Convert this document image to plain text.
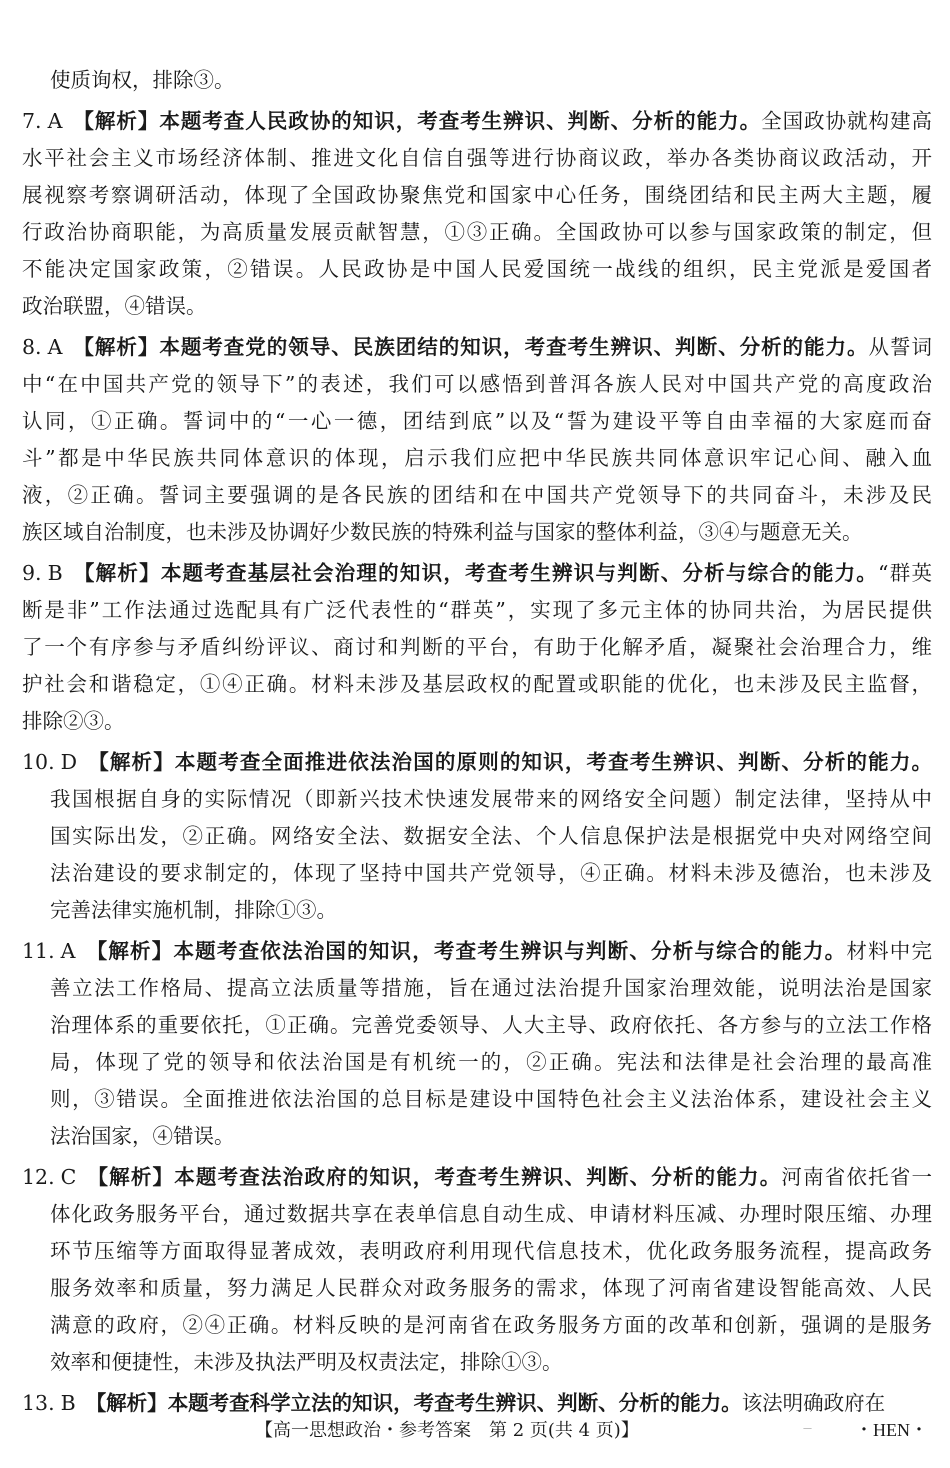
使质询权，排除③。
7. A 【解析】本题考查人民政协的知识，考查考生辨识、判断、分析的能力。全国政协就构建高
水平社会主义市场经济体制、推进文化自信自强等进行协商议政，举办各类协商议政活动，开
展视察考察调研活动，体现了全国政协聚焦党和国家中心任务，围绕团结和民主两大主题，履
行政治协商职能，为高质量发展贡献智慧，①③正确。全国政协可以参与国家政策的制定，但
不能决定国家政策，②错误。人民政协是中国人民爱国统一战线的组织，民主党派是爱国者
政治联盟，④错误。
8. A 【解析】本题考查党的领导、民族团结的知识，考查考生辨识、判断、分析的能力。从誓词
中“在中国共产党的领导下”的表述，我们可以感悟到普洱各族人民对中国共产党的高度政治
认同，①正确。誓词中的“一心一德，团结到底”以及“誓为建设平等自由幸福的大家庭而奋
斗”都是中华民族共同体意识的体现，启示我们应把中华民族共同体意识牢记心间、融入血
液，②正确。誓词主要强调的是各民族的团结和在中国共产党领导下的共同奋斗，未涉及民
族区域自治制度，也未涉及协调好少数民族的特殊利益与国家的整体利益，③④与题意无关。
9. B 【解析】本题考查基层社会治理的知识，考查考生辨识与判断、分析与综合的能力。“群英
断是非”工作法通过选配具有广泛代表性的“群英”，实现了多元主体的协同共治，为居民提供
了一个有序参与矛盾纠纷评议、商讨和判断的平台，有助于化解矛盾，凝聚社会治理合力，维
护社会和谐稳定，①④正确。材料未涉及基层政权的配置或职能的优化，也未涉及民主监督，
排除②③。
10. D 【解析】本题考查全面推进依法治国的原则的知识，考查考生辨识、判断、分析的能力。
我国根据自身的实际情况（即新兴技术快速发展带来的网络安全问题）制定法律，坚持从中
国实际出发，②正确。网络安全法、数据安全法、个人信息保护法是根据党中央对网络空间
法治建设的要求制定的，体现了坚持中国共产党领导，④正确。材料未涉及德治，也未涉及
完善法律实施机制，排除①③。
11. A 【解析】本题考查依法治国的知识，考查考生辨识与判断、分析与综合的能力。材料中完
善立法工作格局、提高立法质量等措施，旨在通过法治提升国家治理效能，说明法治是国家
治理体系的重要依托，①正确。完善党委领导、人大主导、政府依托、各方参与的立法工作格
局，体现了党的领导和依法治国是有机统一的，②正确。宪法和法律是社会治理的最高准
则，③错误。全面推进依法治国的总目标是建设中国特色社会主义法治体系，建设社会主义
法治国家，④错误。
12. C 【解析】本题考查法治政府的知识，考查考生辨识、判断、分析的能力。河南省依托省一
体化政务服务平台，通过数据共享在表单信息自动生成、申请材料压减、办理时限压缩、办理
环节压缩等方面取得显著成效，表明政府利用现代信息技术，优化政务服务流程，提高政务
服务效率和质量，努力满足人民群众对政务服务的需求，体现了河南省建设智能高效、人民
满意的政府，②④正确。材料反映的是河南省在政务服务方面的改革和创新，强调的是服务
效率和便捷性，未涉及执法严明及权责法定，排除①③。
13. B 【解析】本题考查科学立法的知识，考查考生辨识、判断、分析的能力。该法明确政府在
【高一思想政治・参考答案　第 2 页(共 4 页)】	— ・HEN・
